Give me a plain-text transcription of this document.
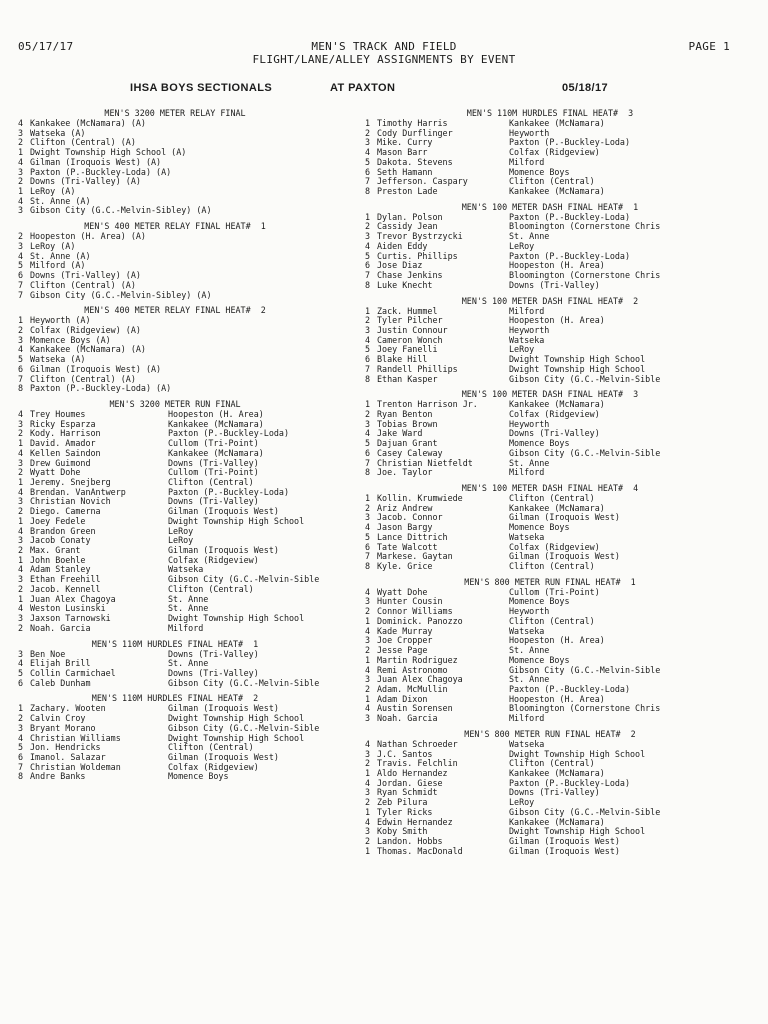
05/17/17	MEN'S TRACK AND FIELD
FLIGHT/LANE/ALLEY ASSIGNMENTS BY EVENT
PAGE 1
IHSA BOYS SECTIONALS	AT PAXTON	05/18/17
MEN'S 3200 METER RELAY FINAL
4 Kankakee (McNamara) (A)
3 Watseka (A)
2 Clifton (Central) (A)
1 Dwight Township High School (A)
4 Gilman (Iroquois West) (A)
3 Paxton (P.-Buckley-Loda) (A)
2 Downs (Tri-Valley) (A)
1 LeRoy (A)
4 St. Anne (A)
3 Gibson City (G.C.-Melvin-Sibley) (A)
MEN'S 400 METER RELAY FINAL HEAT#  1
2 Hoopeston (H. Area) (A)
3 LeRoy (A)
4 St. Anne (A)
5 Milford (A)
6 Downs (Tri-Valley) (A)
7 Clifton (Central) (A)
7 Gibson City (G.C.-Melvin-Sibley) (A)
MEN'S 400 METER RELAY FINAL HEAT#  2
1 Heyworth (A)
2 Colfax (Ridgeview) (A)
3 Momence Boys (A)
4 Kankakee (McNamara) (A)
5 Watseka (A)
6 Gilman (Iroquois West) (A)
7 Clifton (Central) (A)
8 Paxton (P.-Buckley-Loda) (A)
MEN'S 3200 METER RUN FINAL
4 Trey Houmes	Hoopeston (H. Area)
3 Ricky Esparza	Kankakee (McNamara)
2 Kody. Harrison	Paxton (P.-Buckley-Loda)
1 David. Amador	Cullom (Tri-Point)
4 Kellen Saindon	Kankakee (McNamara)
3 Drew Guimond	Downs (Tri-Valley)
2 Wyatt Dohe	Cullom (Tri-Point)
1 Jeremy. Snejberg	Clifton (Central)
4 Brendan. VanAntwerp	Paxton (P.-Buckley-Loda)
3 Christian Novich	Downs (Tri-Valley)
2 Diego. Camerna	Gilman (Iroquois West)
1 Joey Fedele	Dwight Township High School
4 Brandon Green	LeRoy
3 Jacob Conaty	LeRoy
2 Max. Grant	Gilman (Iroquois West)
1 John Boehle	Colfax (Ridgeview)
4 Adam Stanley	Watseka
3 Ethan Freehill	Gibson City (G.C.-Melvin-Sible
2 Jacob. Kennell	Clifton (Central)
1 Juan Alex Chagoya	St. Anne
4 Weston Lusinski	St. Anne
3 Jaxson Tarnowski	Dwight Township High School
2 Noah. Garcia	Milford
MEN'S 110M HURDLES FINAL HEAT#  1
3 Ben Noe	Downs (Tri-Valley)
4 Elijah Brill	St. Anne
5 Collin Carmichael	Downs (Tri-Valley)
6 Caleb Dunham	Gibson City (G.C.-Melvin-Sible
MEN'S 110M HURDLES FINAL HEAT#  2
1 Zachary. Wooten	Gilman (Iroquois West)
2 Calvin Croy	Dwight Township High School
3 Bryant Morano	Gibson City (G.C.-Melvin-Sible
4 Christian Williams	Dwight Township High School
5 Jon. Hendricks	Clifton (Central)
6 Imanol. Salazar	Gilman (Iroquois West)
7 Christian Woldeman	Colfax (Ridgeview)
8 Andre Banks	Momence Boys
MEN'S 110M HURDLES FINAL HEAT#  3
1 Timothy Harris	Kankakee (McNamara)
2 Cody Durflinger	Heyworth
3 Mike. Curry	Paxton (P.-Buckley-Loda)
4 Mason Barr	Colfax (Ridgeview)
5 Dakota. Stevens	Milford
6 Seth Hamann	Momence Boys
7 Jefferson. Caspary	Clifton (Central)
8 Preston Lade	Kankakee (McNamara)
MEN'S 100 METER DASH FINAL HEAT#  1
1 Dylan. Polson	Paxton (P.-Buckley-Loda)
2 Cassidy Jean	Bloomington (Cornerstone Chris
3 Trevor Bystrzycki	St. Anne
4 Aiden Eddy	LeRoy
5 Curtis. Phillips	Paxton (P.-Buckley-Loda)
6 Jose Diaz	Hoopeston (H. Area)
7 Chase Jenkins	Bloomington (Cornerstone Chris
8 Luke Knecht	Downs (Tri-Valley)
MEN'S 100 METER DASH FINAL HEAT#  2
1 Zack. Hummel	Milford
2 Tyler Pilcher	Hoopeston (H. Area)
3 Justin Connour	Heyworth
4 Cameron Wonch	Watseka
5 Joey Fanelli	LeRoy
6 Blake Hill	Dwight Township High School
7 Randell Phillips	Dwight Township High School
8 Ethan Kasper	Gibson City (G.C.-Melvin-Sible
MEN'S 100 METER DASH FINAL HEAT#  3
1 Trenton Harrison Jr.	Kankakee (McNamara)
2 Ryan Benton	Colfax (Ridgeview)
3 Tobias Brown	Heyworth
4 Jake Ward	Downs (Tri-Valley)
5 Dajuan Grant	Momence Boys
6 Casey Caleway	Gibson City (G.C.-Melvin-Sible
7 Christian Nietfeldt	St. Anne
8 Joe. Taylor	Milford
MEN'S 100 METER DASH FINAL HEAT#  4
1 Kollin. Krumwiede	Clifton (Central)
2 Ariz Andrew	Kankakee (McNamara)
3 Jacob. Connor	Gilman (Iroquois West)
4 Jason Bargy	Momence Boys
5 Lance Dittrich	Watseka
6 Tate Walcott	Colfax (Ridgeview)
7 Markese. Gaytan	Gilman (Iroquois West)
8 Kyle. Grice	Clifton (Central)
MEN'S 800 METER RUN FINAL HEAT#  1
4 Wyatt Dohe	Cullom (Tri-Point)
3 Hunter Cousin	Momence Boys
2 Connor Williams	Heyworth
1 Dominick. Panozzo	Clifton (Central)
4 Kade Murray	Watseka
3 Joe Cropper	Hoopeston (H. Area)
2 Jesse Page	St. Anne
1 Martin Rodriguez	Momence Boys
4 Remi Astronomo	Gibson City (G.C.-Melvin-Sible
3 Juan Alex Chagoya	St. Anne
2 Adam. McMullin	Paxton (P.-Buckley-Loda)
1 Adam Dixon	Hoopeston (H. Area)
4 Austin Sorensen	Bloomington (Cornerstone Chris
3 Noah. Garcia	Milford
MEN'S 800 METER RUN FINAL HEAT#  2
4 Nathan Schroeder	Watseka
3 J.C. Santos	Dwight Township High School
2 Travis. Felchlin	Clifton (Central)
1 Aldo Hernandez	Kankakee (McNamara)
4 Jordan. Giese	Paxton (P.-Buckley-Loda)
3 Ryan Schmidt	Downs (Tri-Valley)
2 Zeb Pilura	LeRoy
1 Tyler Ricks	Gibson City (G.C.-Melvin-Sible
4 Edwin Hernandez	Kankakee (McNamara)
3 Koby Smith	Dwight Township High School
2 Landon. Hobbs	Gilman (Iroquois West)
1 Thomas. MacDonald	Gilman (Iroquois West)
